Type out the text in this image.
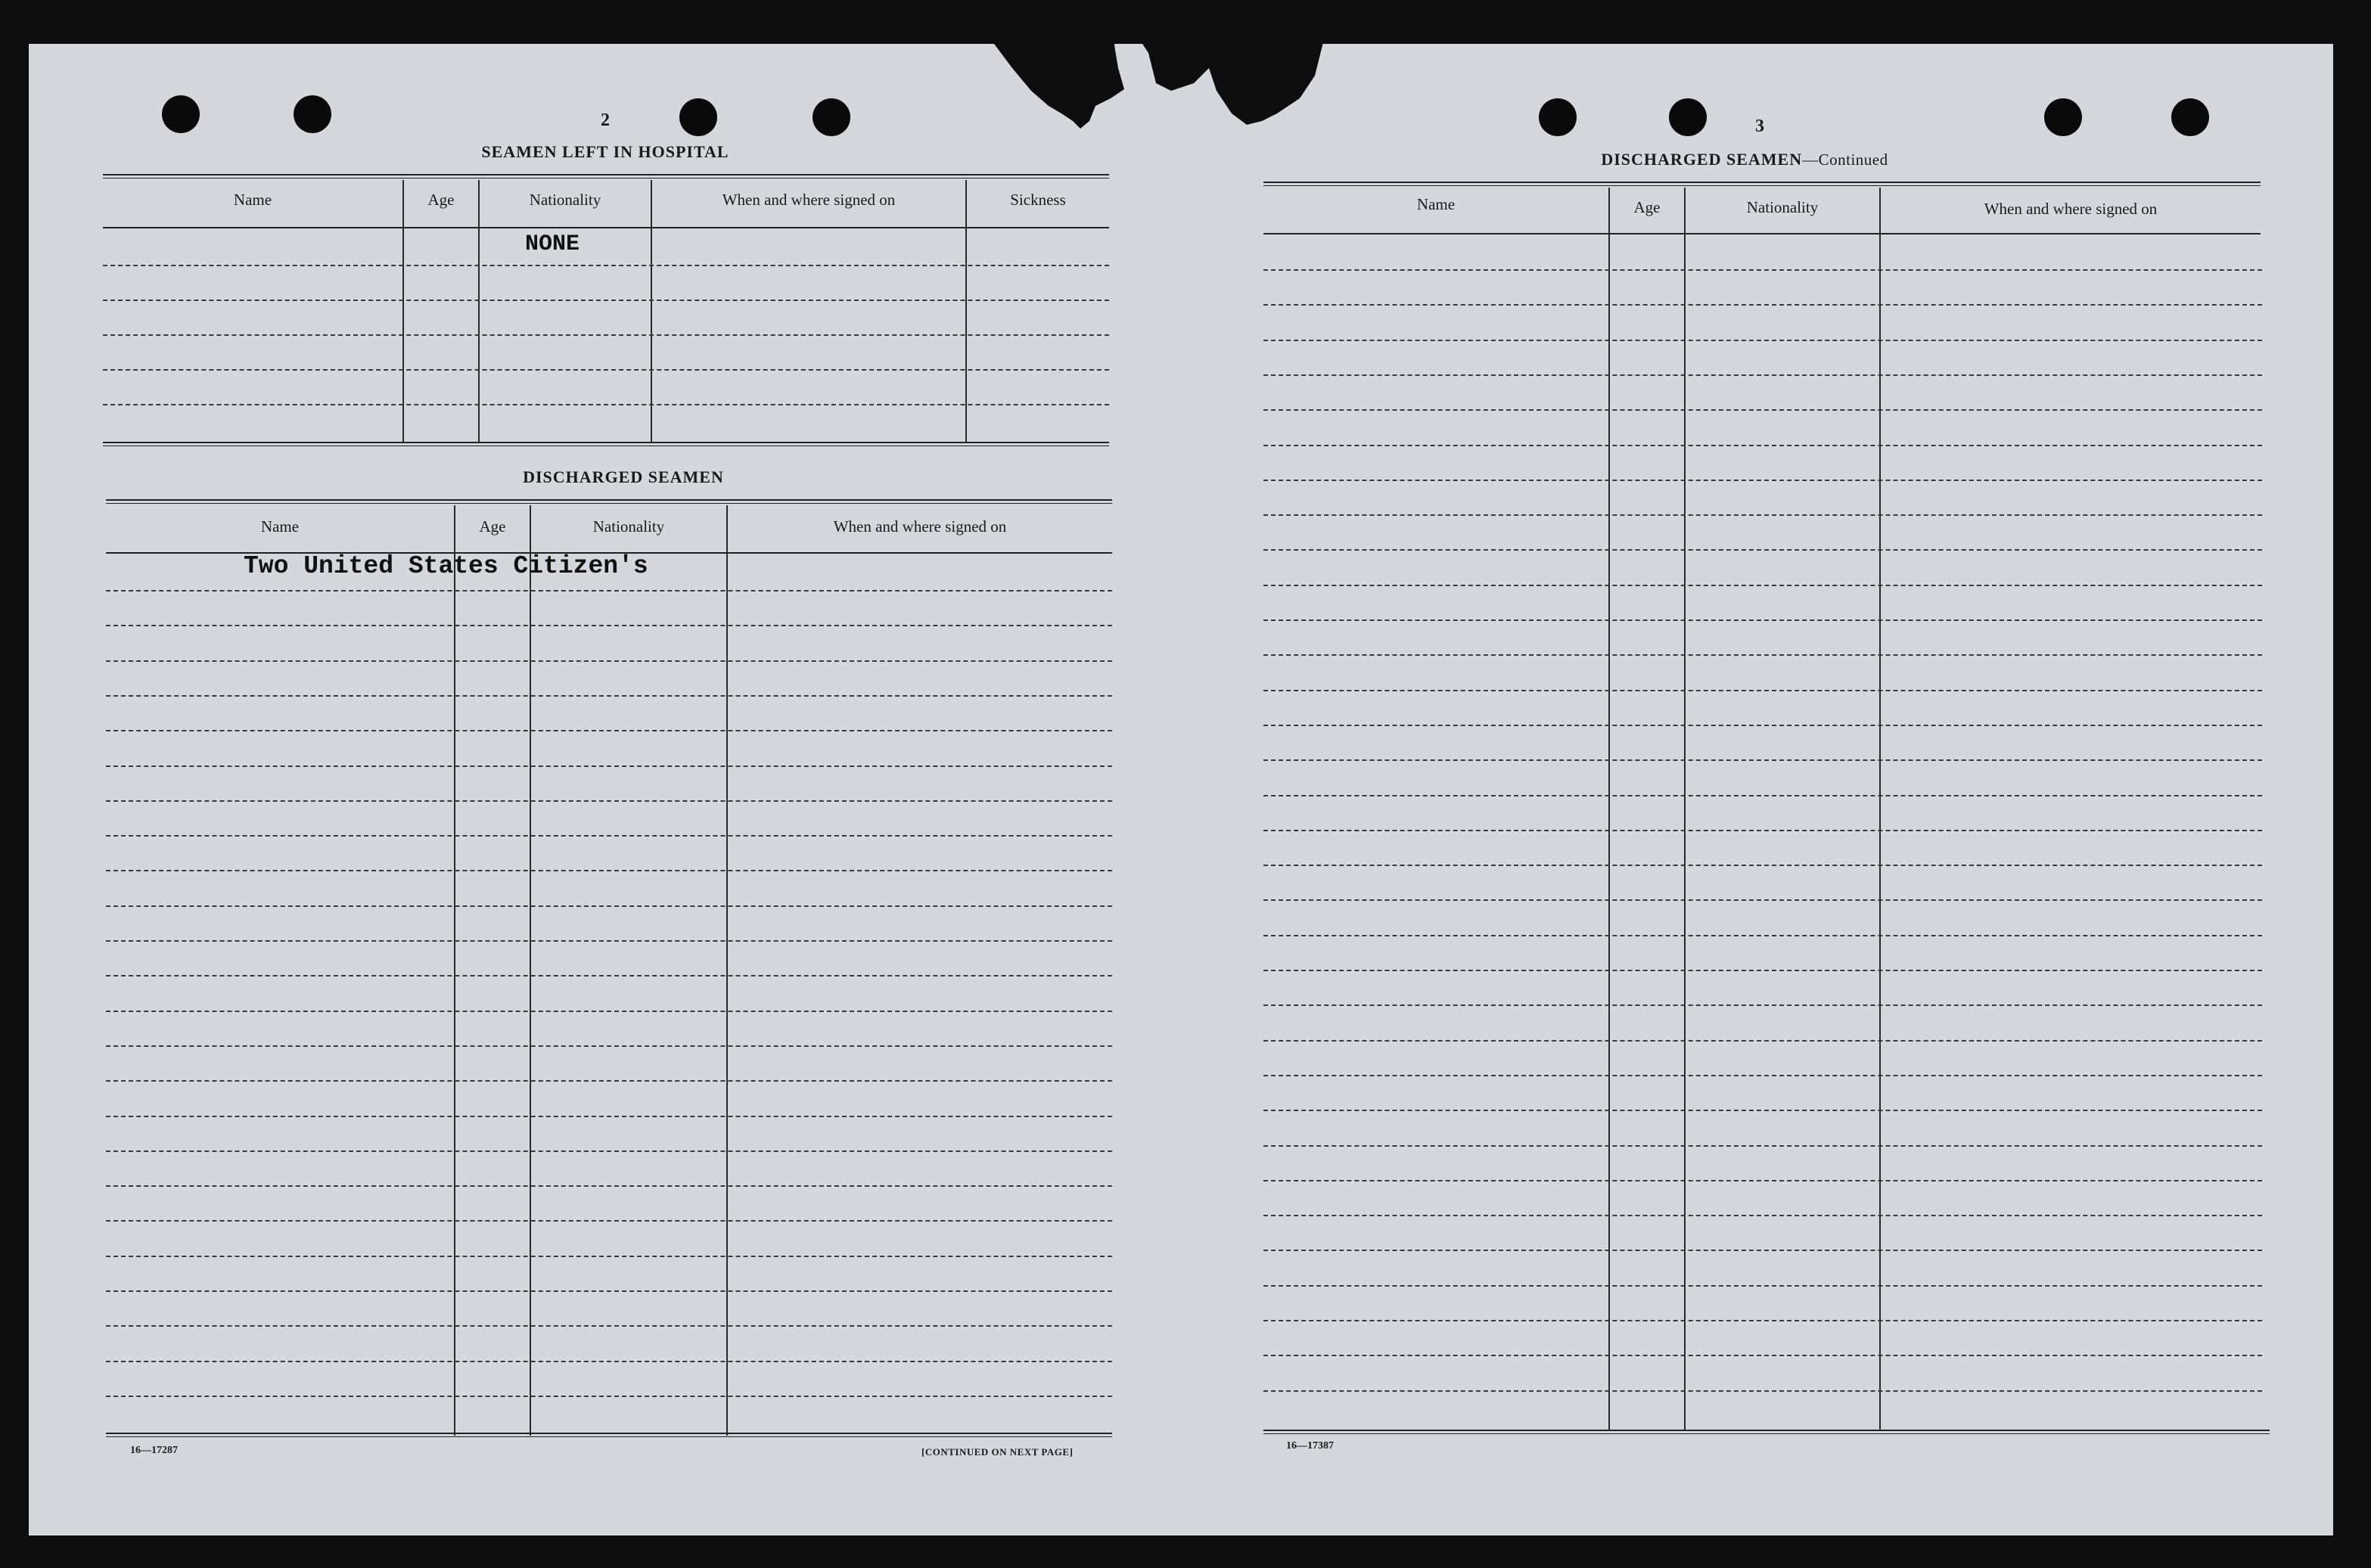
2
SEAMEN LEFT IN HOSPITAL
Name	Age	Nationality	When and where signed on	Sickness
NONE
DISCHARGED SEAMEN
Name	Age	Nationality	When and where signed on
Two United States Citizen's
16—17287	[CONTINUED ON NEXT PAGE]
3
DISCHARGED SEAMEN—Continued
Name	Age	Nationality	When and where signed on
16—17387
